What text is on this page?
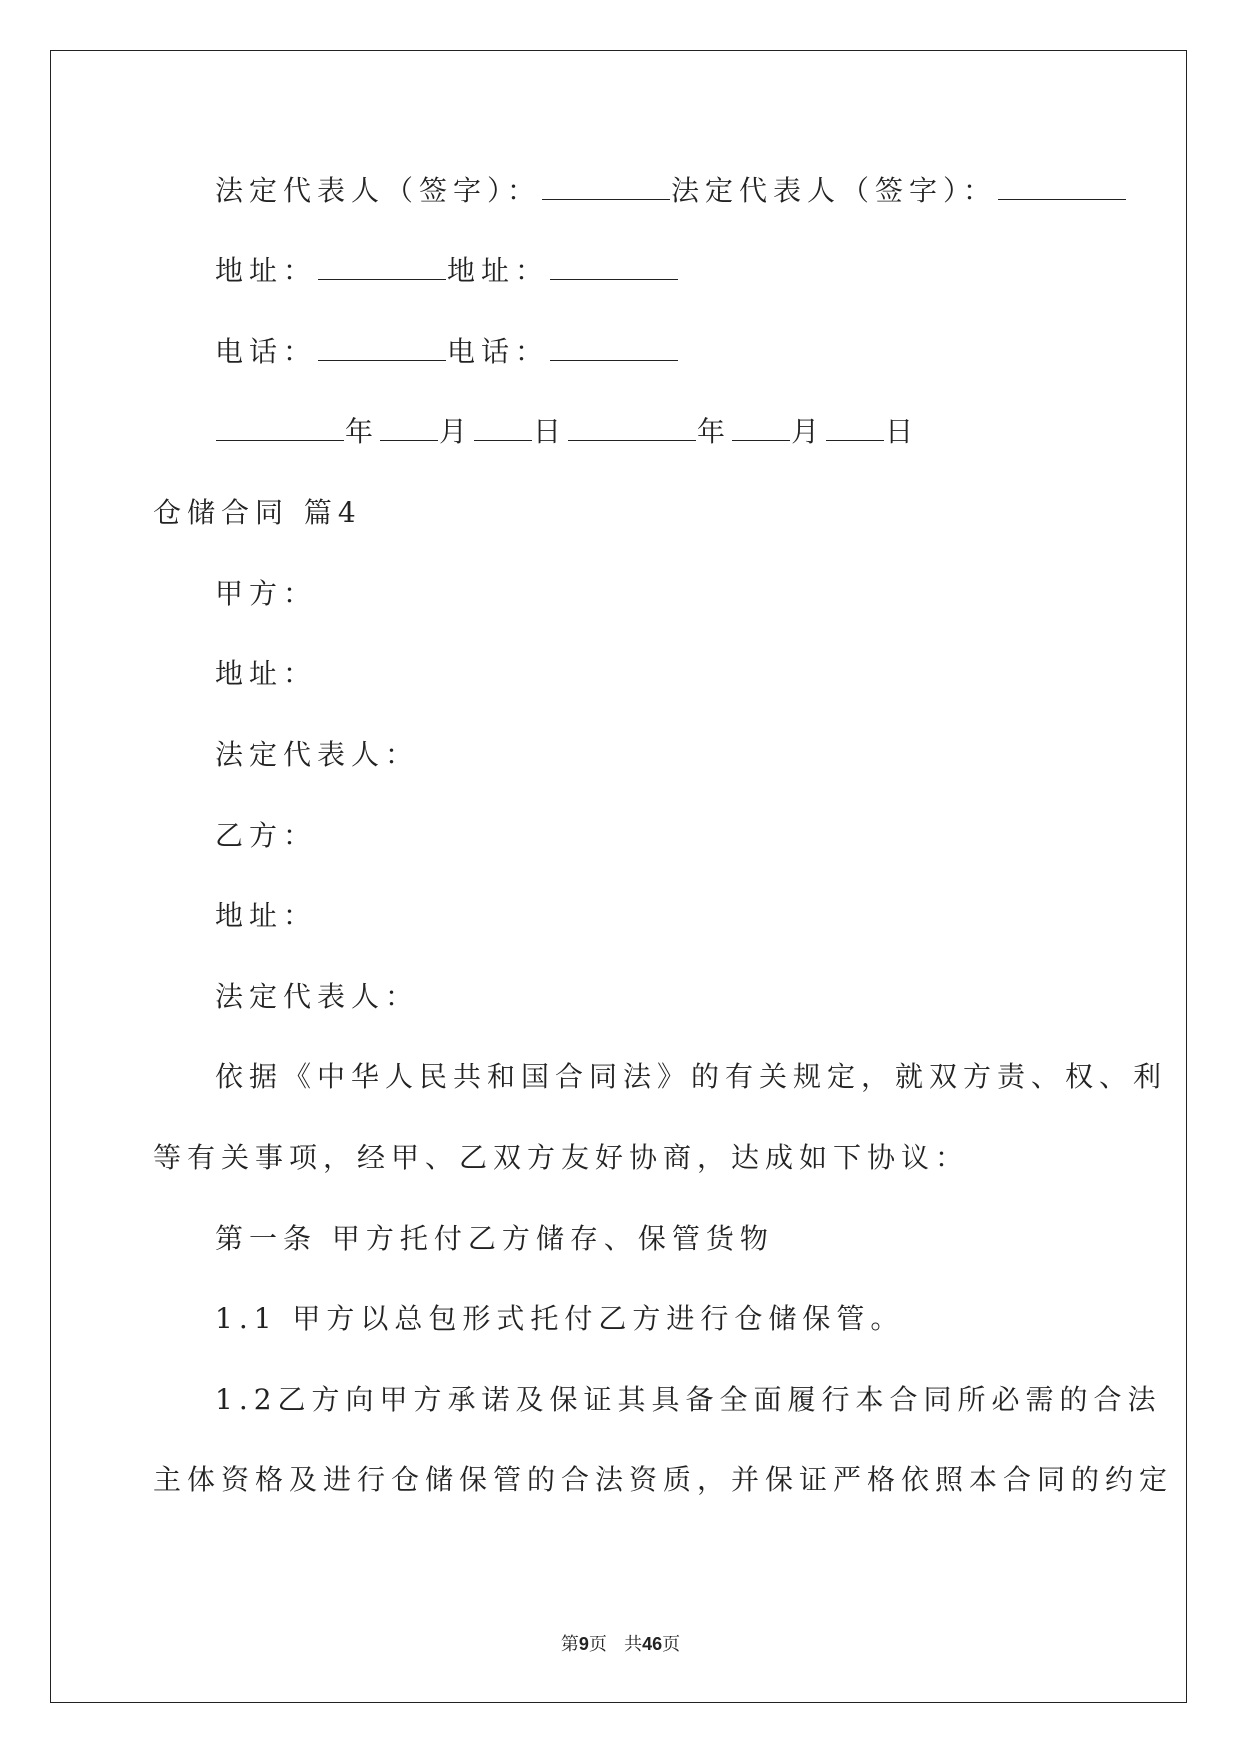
法定代表人（签字）：	法定代表人（签字）：

地址：	地址：

电话：	电话：

年 月 日	年 月 日

仓储合同 篇4

甲方：

地址：

法定代表人：

乙方：

地址：

法定代表人：

依据《中华人民共和国合同法》的有关规定，就双方责、权、利

等有关事项，经甲、乙双方友好协商，达成如下协议：

第一条 甲方托付乙方储存、保管货物

1.1 甲方以总包形式托付乙方进行仓储保管。

1.2乙方向甲方承诺及保证其具备全面履行本合同所必需的合法

主体资格及进行仓储保管的合法资质，并保证严格依照本合同的约定

第9页 共46页
